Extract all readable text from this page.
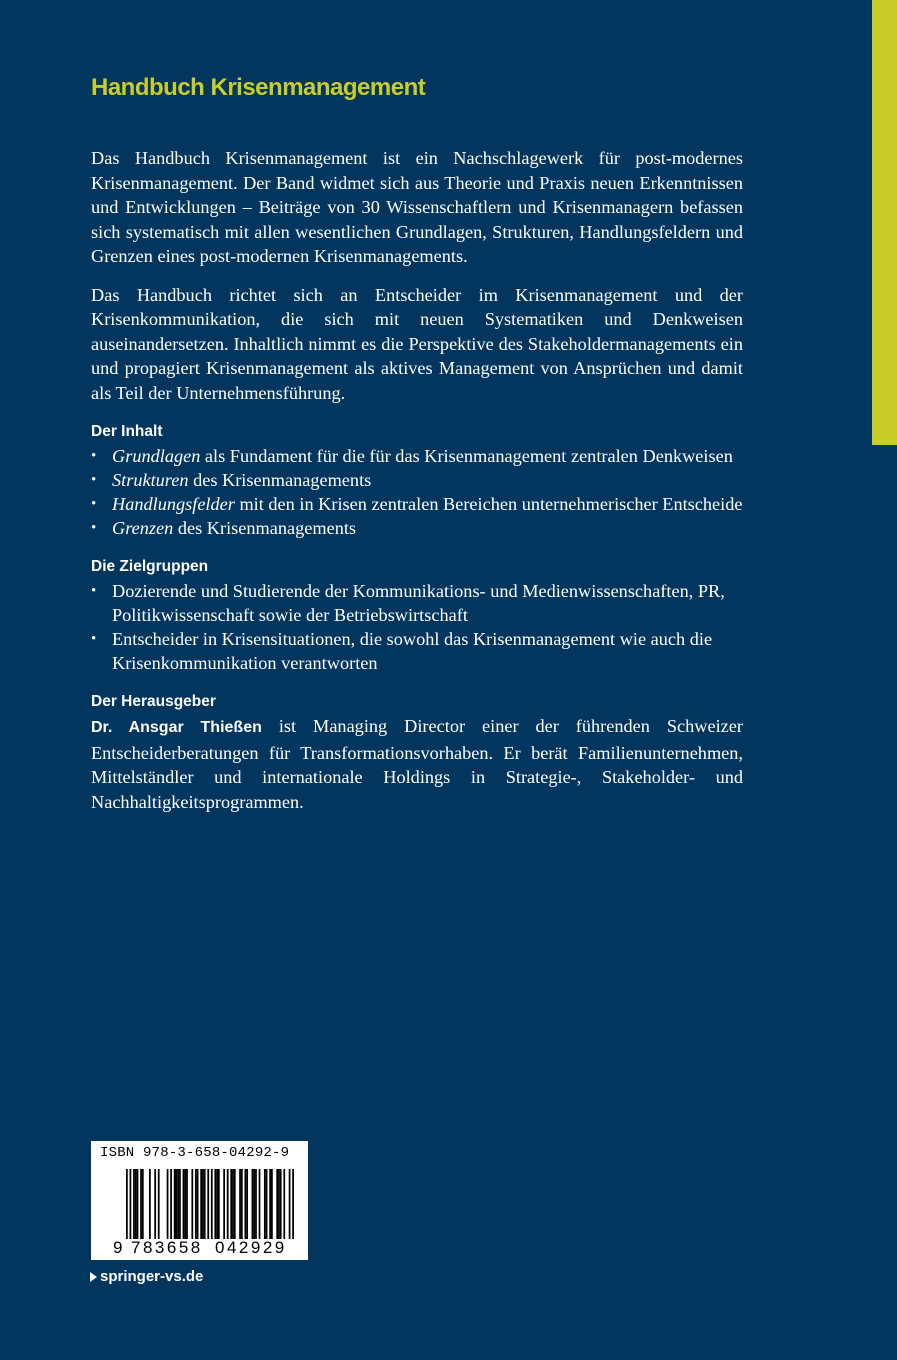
Handbuch Krisenmanagement

Das Handbuch Krisenmanagement ist ein Nachschlagewerk für post-modernes Krisenmanagement. Der Band widmet sich aus Theorie und Praxis neuen Erkenntnissen und Entwicklungen – Beiträge von 30 Wissenschaftlern und Krisenmanagern befassen sich systematisch mit allen wesentlichen Grundlagen, Strukturen, Handlungsfeldern und Grenzen eines post-modernen Krisenmanagements.

Das Handbuch richtet sich an Entscheider im Krisenmanagement und der Krisenkommunikation, die sich mit neuen Systematiken und Denkweisen auseinandersetzen. Inhaltlich nimmt es die Perspektive des Stakeholdermanagements ein und propagiert Krisenmanagement als aktives Management von Ansprüchen und damit als Teil der Unternehmensführung.

Der Inhalt
• Grundlagen als Fundament für die für das Krisenmanagement zentralen Denkweisen
• Strukturen des Krisenmanagements
• Handlungsfelder mit den in Krisen zentralen Bereichen unternehmerischer Entscheide
• Grenzen des Krisenmanagements
Die Zielgruppen
• Dozierende und Studierende der Kommunikations- und Medienwissenschaften, PR, Politikwissenschaft sowie der Betriebswirtschaft
• Entscheider in Krisensituationen, die sowohl das Krisenmanagement wie auch die Krisenkommunikation verantworten
Der Herausgeber

Dr. Ansgar Thießen ist Managing Director einer der führenden Schweizer Entscheiderberatungen für Transformationsvorhaben. Er berät Familienunternehmen, Mittelständler und internationale Holdings in Strategie-, Stakeholder- und Nachhaltigkeitsprogrammen.

ISBN 978-3-658-04292-9
9 783658 042929
springer-vs.de
